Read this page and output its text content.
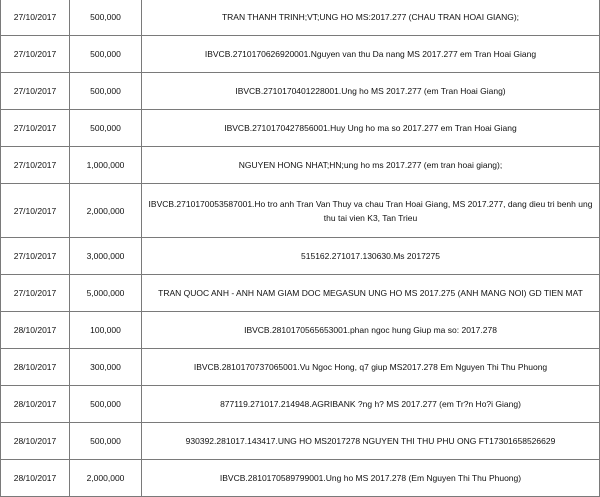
27/10/2017	500,000	TRAN THANH TRINH;VT;UNG HO MS:2017.277 (CHAU TRAN HOAI GIANG);
27/10/2017	500,000	IBVCB.2710170626920001.Nguyen van thu Da nang MS 2017.277 em Tran Hoai Giang
27/10/2017	500,000	IBVCB.2710170401228001.Ung ho MS 2017.277 (em Tran Hoai Giang)
27/10/2017	500,000	IBVCB.2710170427856001.Huy Ung ho ma so 2017.277 em Tran Hoai Giang
27/10/2017	1,000,000	NGUYEN HONG NHAT;HN;ung ho ms 2017.277 (em tran hoai giang);
27/10/2017	2,000,000	IBVCB.2710170053587001.Ho tro anh Tran Van Thuy va chau Tran Hoai Giang, MS 2017.277, dang dieu tri benh ung thu tai vien K3, Tan Trieu
27/10/2017	3,000,000	515162.271017.130630.Ms 2017275
27/10/2017	5,000,000	TRAN QUOC ANH - ANH NAM GIAM DOC MEGASUN UNG HO MS 2017.275 (ANH MANG NOI) GD TIEN MAT
28/10/2017	100,000	IBVCB.2810170565653001.phan ngoc hung Giup ma so: 2017.278
28/10/2017	300,000	IBVCB.2810170737065001.Vu Ngoc Hong, q7 giup MS2017.278 Em Nguyen Thi Thu Phuong
28/10/2017	500,000	877119.271017.214948.AGRIBANK ?ng h? MS 2017.277 (em Tr?n Ho?i Giang)
28/10/2017	500,000	930392.281017.143417.UNG HO MS2017278 NGUYEN THI THU PHU ONG FT17301658526629
28/10/2017	2,000,000	IBVCB.2810170589799001.Ung ho MS 2017.278 (Em Nguyen Thi Thu Phuong)
